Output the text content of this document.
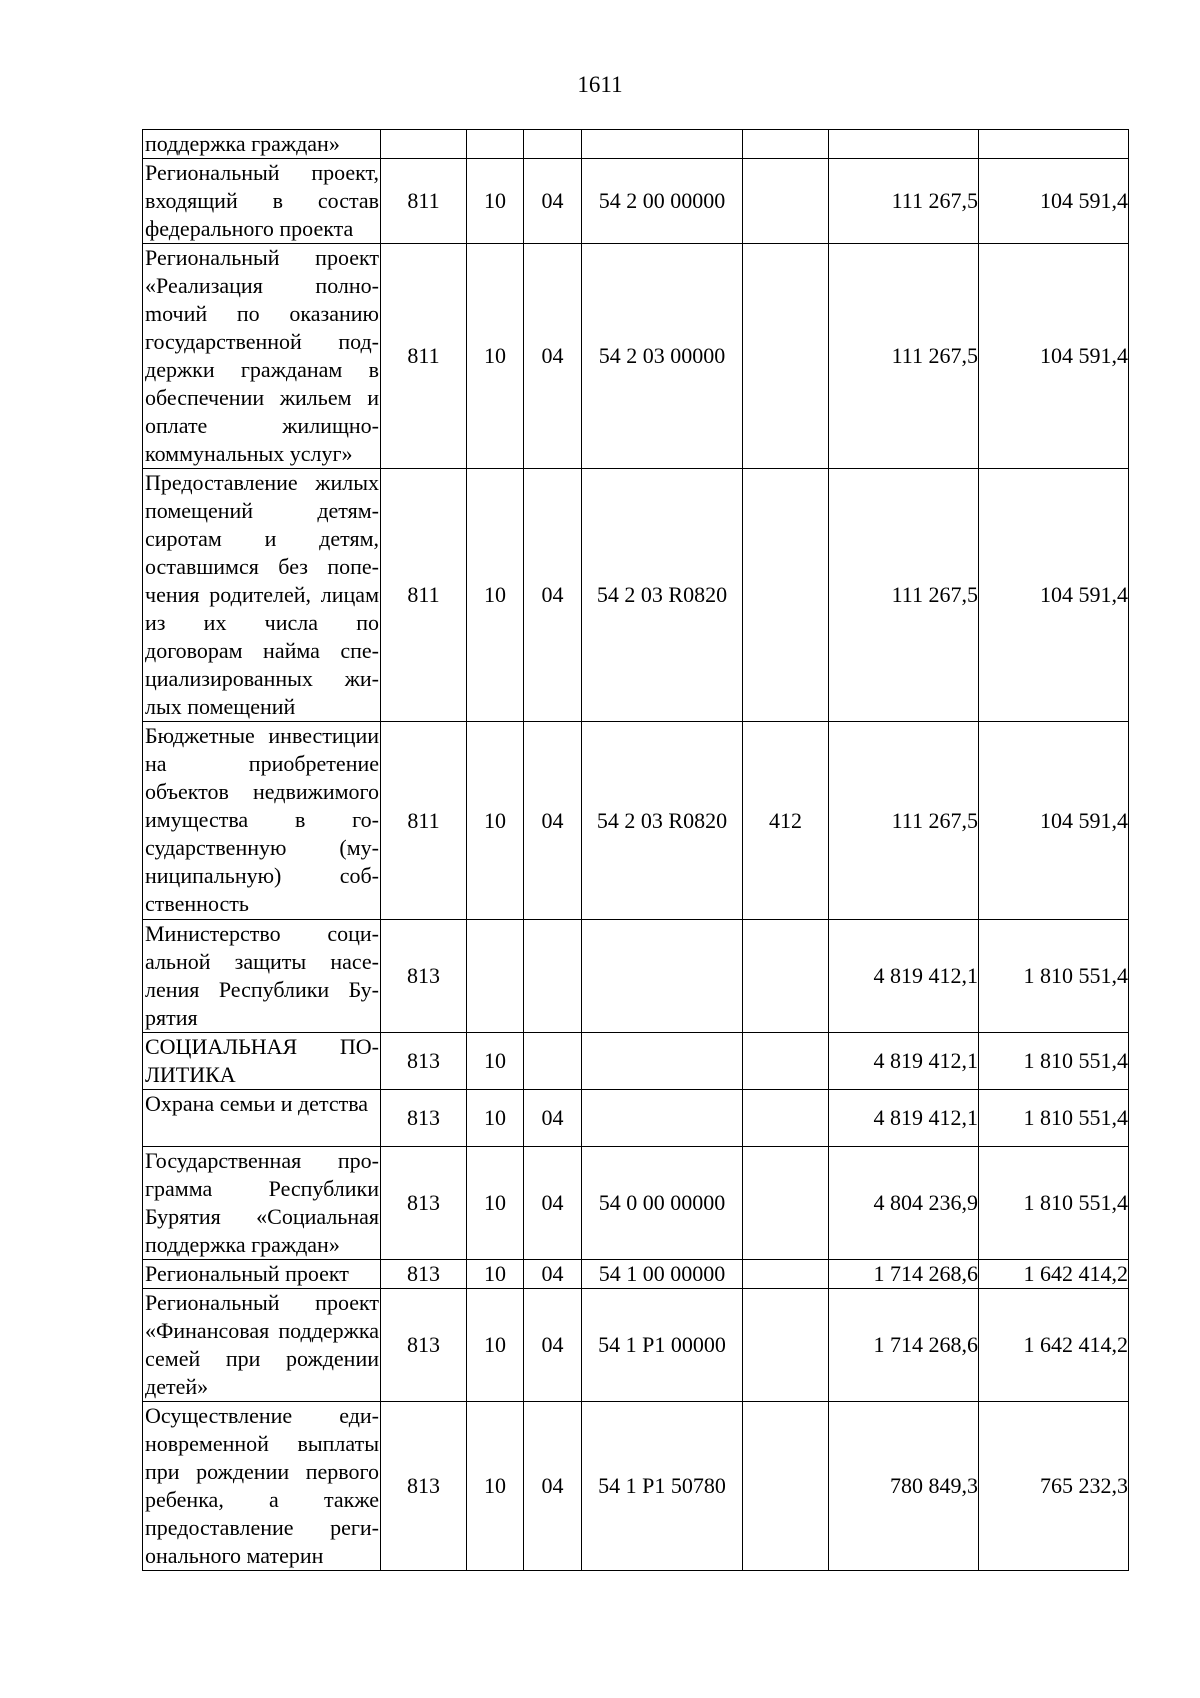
1611
поддержка граждан»							
Региональный проект, входящий в состав федерального проекта	811	10	04	54 2 00 00000		111 267,5	104 591,4
Региональный проект «Реализация полноmочий по оказанию государственной поддержки гражданам в обеспечении жильем и оплате жилищно-коммунальных услуг»	811	10	04	54 2 03 00000		111 267,5	104 591,4
Предоставление жилых помещений детям-сиротам и детям, оставшимся без попечения родителей, лицам из их числа по договорам найма специализированных жилых помещений	811	10	04	54 2 03 R0820		111 267,5	104 591,4
Бюджетные инвестиции на приобретение объектов недвижимого имущества в государственную (муниципальную) собственность	811	10	04	54 2 03 R0820	412	111 267,5	104 591,4
Министерство социальной защиты населения Республики Бурятия	813					4 819 412,1	1 810 551,4
СОЦИАЛЬНАЯ ПОЛИТИКА	813	10				4 819 412,1	1 810 551,4
Охрана семьи и детства	813	10	04			4 819 412,1	1 810 551,4
Государственная программа Республики Бурятия «Социальная поддержка граждан»	813	10	04	54 0 00 00000		4 804 236,9	1 810 551,4
Региональный проект	813	10	04	54 1 00 00000		1 714 268,6	1 642 414,2
Региональный проект «Финансовая поддержка семей при рождении детей»	813	10	04	54 1 P1 00000		1 714 268,6	1 642 414,2
Осуществление единовременной выплаты при рождении первого ребенка, а также предоставление регионального материн	813	10	04	54 1 P1 50780		780 849,3	765 232,3
